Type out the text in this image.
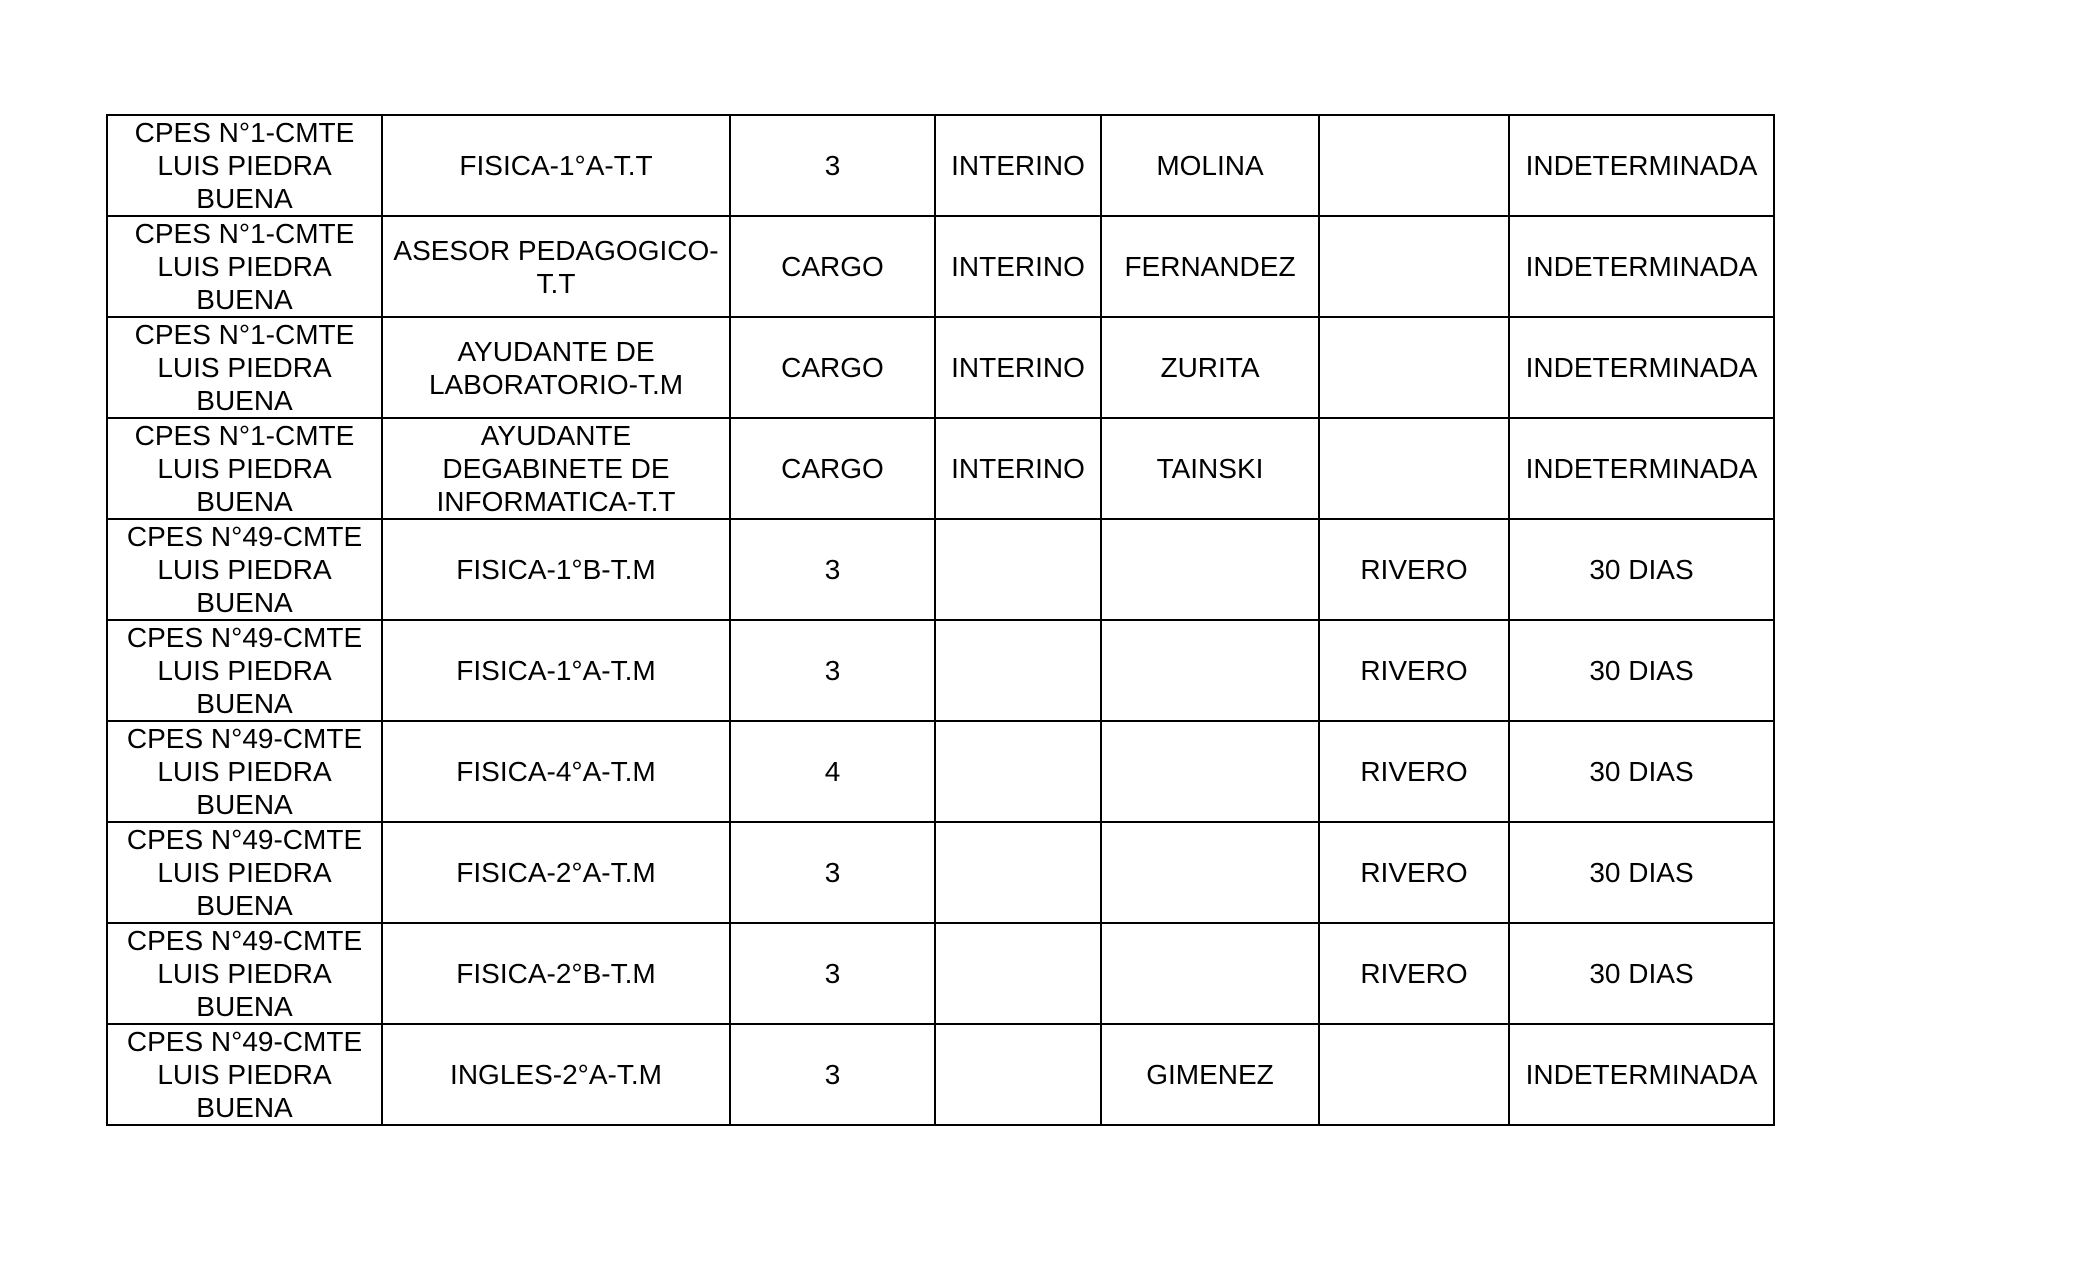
CPES N°1-CMTE LUIS PIEDRA BUENA	FISICA-1°A-T.T	3	INTERINO	MOLINA		INDETERMINADA
CPES N°1-CMTE LUIS PIEDRA BUENA	ASESOR PEDAGOGICO-T.T	CARGO	INTERINO	FERNANDEZ		INDETERMINADA
CPES N°1-CMTE LUIS PIEDRA BUENA	AYUDANTE DE LABORATORIO-T.M	CARGO	INTERINO	ZURITA		INDETERMINADA
CPES N°1-CMTE LUIS PIEDRA BUENA	AYUDANTE DEGABINETE DE INFORMATICA-T.T	CARGO	INTERINO	TAINSKI		INDETERMINADA
CPES N°49-CMTE LUIS PIEDRA BUENA	FISICA-1°B-T.M	3			RIVERO	30 DIAS
CPES N°49-CMTE LUIS PIEDRA BUENA	FISICA-1°A-T.M	3			RIVERO	30 DIAS
CPES N°49-CMTE LUIS PIEDRA BUENA	FISICA-4°A-T.M	4			RIVERO	30 DIAS
CPES N°49-CMTE LUIS PIEDRA BUENA	FISICA-2°A-T.M	3			RIVERO	30 DIAS
CPES N°49-CMTE LUIS PIEDRA BUENA	FISICA-2°B-T.M	3			RIVERO	30 DIAS
CPES N°49-CMTE LUIS PIEDRA BUENA	INGLES-2°A-T.M	3		GIMENEZ		INDETERMINADA
